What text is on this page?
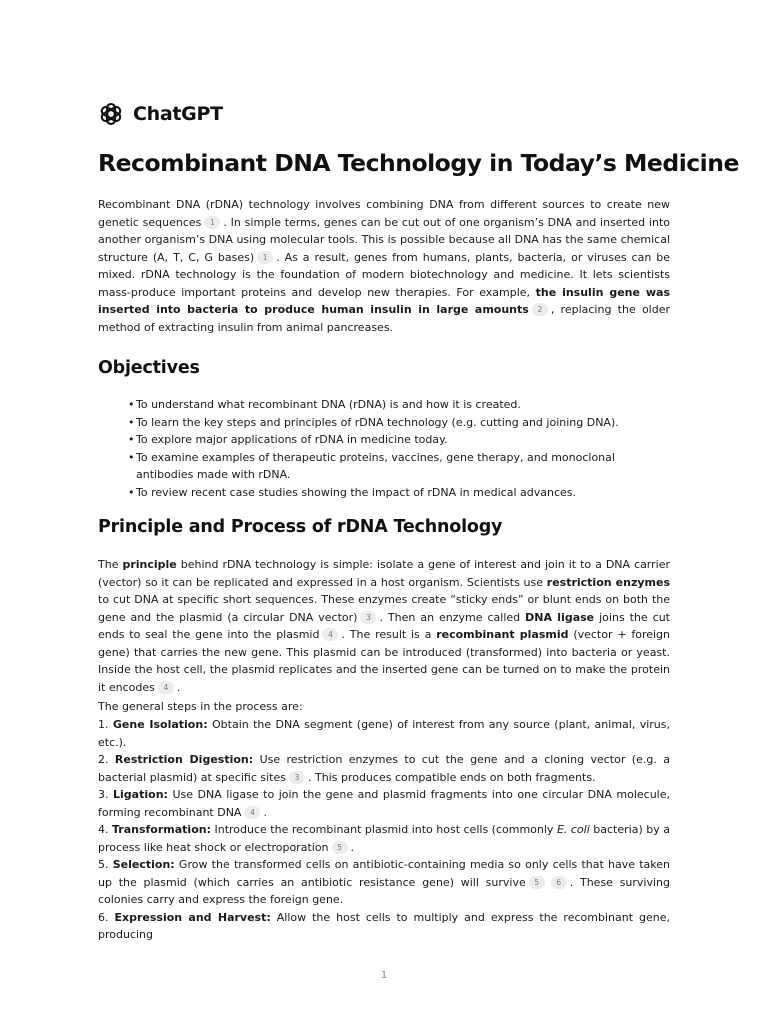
ChatGPT
Recombinant DNA Technology in Today’s Medicine

Recombinant DNA (rDNA) technology involves combining DNA from different sources to create new genetic sequences 1 . In simple terms, genes can be cut out of one organism’s DNA and inserted into another organism’s DNA using molecular tools. This is possible because all DNA has the same chemical structure (A, T, C, G bases) 1 . As a result, genes from humans, plants, bacteria, or viruses can be mixed. rDNA technology is the foundation of modern biotechnology and medicine. It lets scientists mass-produce important proteins and develop new therapies. For example, the insulin gene was inserted into bacteria to produce human insulin in large amounts 2 , replacing the older method of extracting insulin from animal pancreases.

Objectives
• To understand what recombinant DNA (rDNA) is and how it is created.
• To learn the key steps and principles of rDNA technology (e.g. cutting and joining DNA).
• To explore major applications of rDNA in medicine today.
• To examine examples of therapeutic proteins, vaccines, gene therapy, and monoclonal antibodies made with rDNA.
• To review recent case studies showing the impact of rDNA in medical advances.
Principle and Process of rDNA Technology

The principle behind rDNA technology is simple: isolate a gene of interest and join it to a DNA carrier (vector) so it can be replicated and expressed in a host organism. Scientists use restriction enzymes to cut DNA at specific short sequences. These enzymes create “sticky ends” or blunt ends on both the gene and the plasmid (a circular DNA vector) 3 . Then an enzyme called DNA ligase joins the cut ends to seal the gene into the plasmid 4 . The result is a recombinant plasmid (vector + foreign gene) that carries the new gene. This plasmid can be introduced (transformed) into bacteria or yeast. Inside the host cell, the plasmid replicates and the inserted gene can be turned on to make the protein it encodes 4 .

The general steps in the process are:

1. Gene Isolation: Obtain the DNA segment (gene) of interest from any source (plant, animal, virus, etc.).
2. Restriction Digestion: Use restriction enzymes to cut the gene and a cloning vector (e.g. a bacterial plasmid) at specific sites 3 . This produces compatible ends on both fragments.
3. Ligation: Use DNA ligase to join the gene and plasmid fragments into one circular DNA molecule, forming recombinant DNA 4 .
4. Transformation: Introduce the recombinant plasmid into host cells (commonly E. coli bacteria) by a process like heat shock or electroporation 5 .
5. Selection: Grow the transformed cells on antibiotic-containing media so only cells that have taken up the plasmid (which carries an antibiotic resistance gene) will survive 5 6 . These surviving colonies carry and express the foreign gene.
6. Expression and Harvest: Allow the host cells to multiply and express the recombinant gene, producing
1
